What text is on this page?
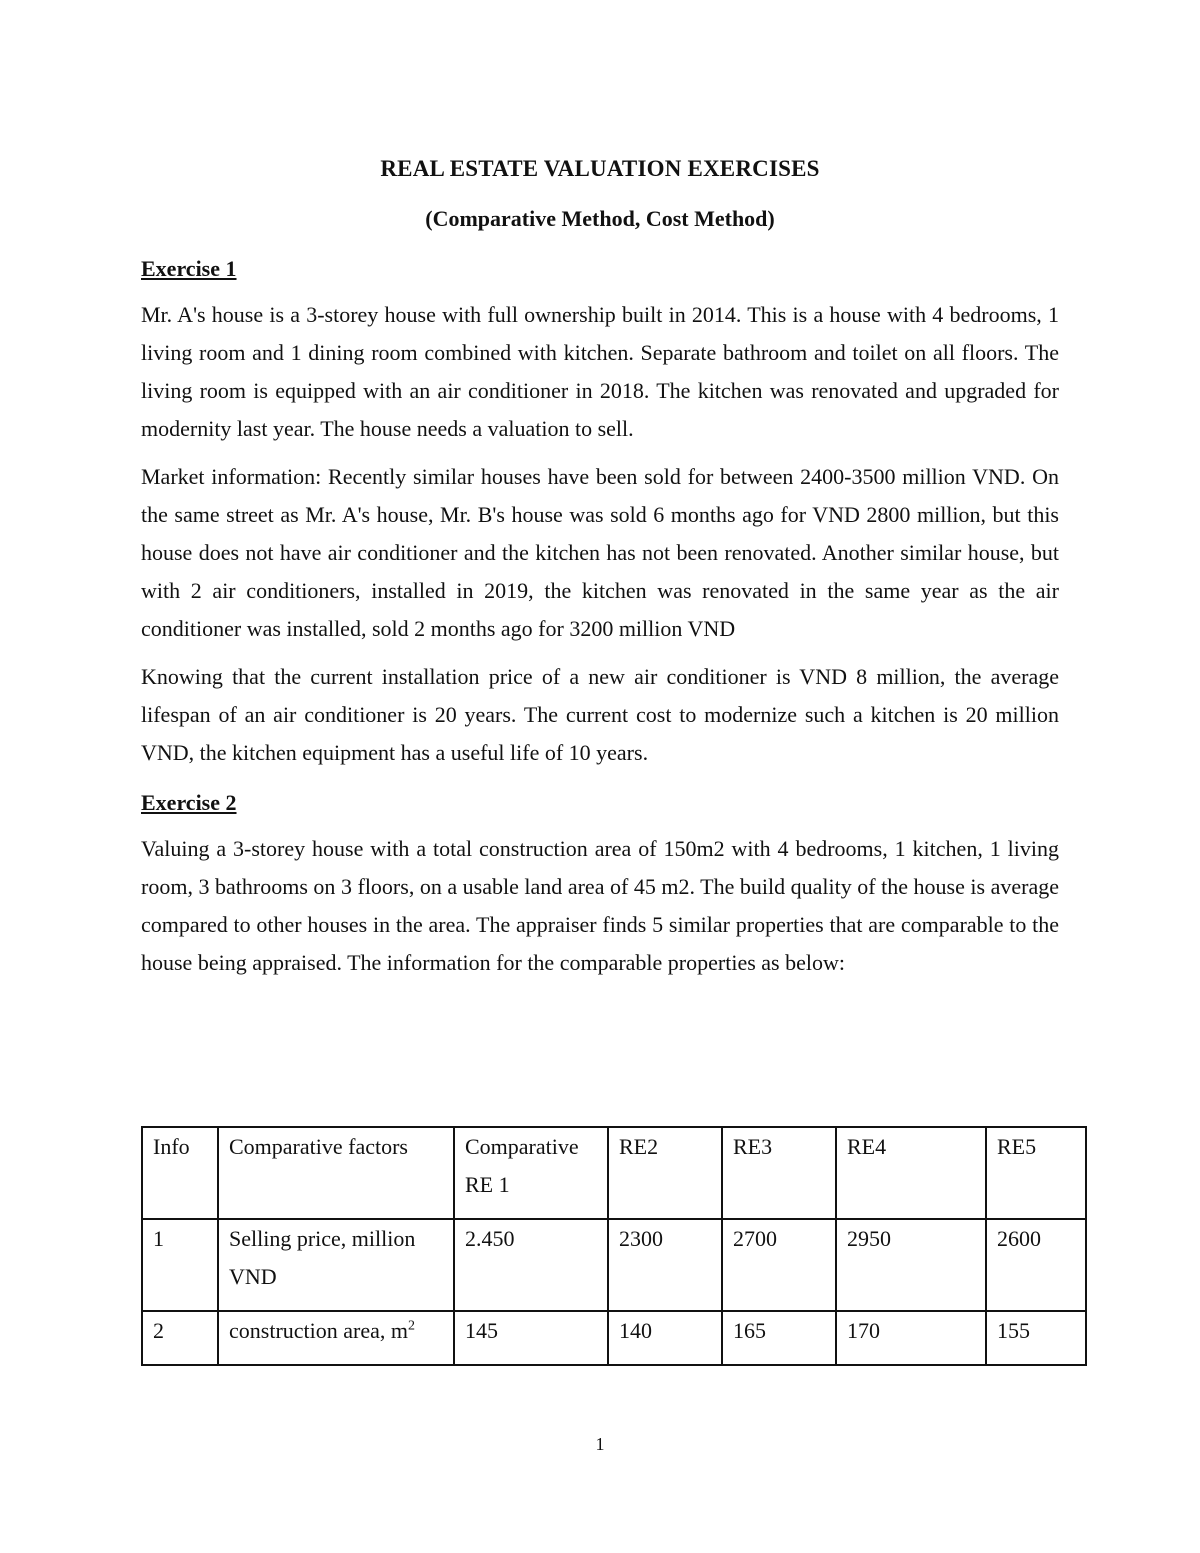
REAL ESTATE VALUATION EXERCISES

(Comparative Method, Cost Method)

Exercise 1

Mr. A's house is a 3-storey house with full ownership built in 2014. This is a house with 4 bedrooms, 1 living room and 1 dining room combined with kitchen. Separate bathroom and toilet on all floors. The living room is equipped with an air conditioner in 2018. The kitchen was renovated and upgraded for modernity last year. The house needs a valuation to sell.

Market information: Recently similar houses have been sold for between 2400-3500 million VND. On the same street as Mr. A's house, Mr. B's house was sold 6 months ago for VND 2800 million, but this house does not have air conditioner and the kitchen has not been renovated. Another similar house, but with 2 air conditioners, installed in 2019, the kitchen was renovated in the same year as the air conditioner was installed, sold 2 months ago for 3200 million VND

Knowing that the current installation price of a new air conditioner is VND 8 million, the average lifespan of an air conditioner is 20 years. The current cost to modernize such a kitchen is 20 million VND, the kitchen equipment has a useful life of 10 years.

Exercise 2

Valuing a 3-storey house with a total construction area of 150m2 with 4 bedrooms, 1 kitchen, 1 living room, 3 bathrooms on 3 floors, on a usable land area of 45 m2. The build quality of the house is average compared to other houses in the area. The appraiser finds 5 similar properties that are comparable to the house being appraised. The information for the comparable properties as below:

Info	Comparative factors	Comparative RE 1	RE2	RE3	RE4	RE5
1	Selling price, million VND	2.450	2300	2700	2950	2600
2	construction area, $m^2$	145	140	165	170	155
1
